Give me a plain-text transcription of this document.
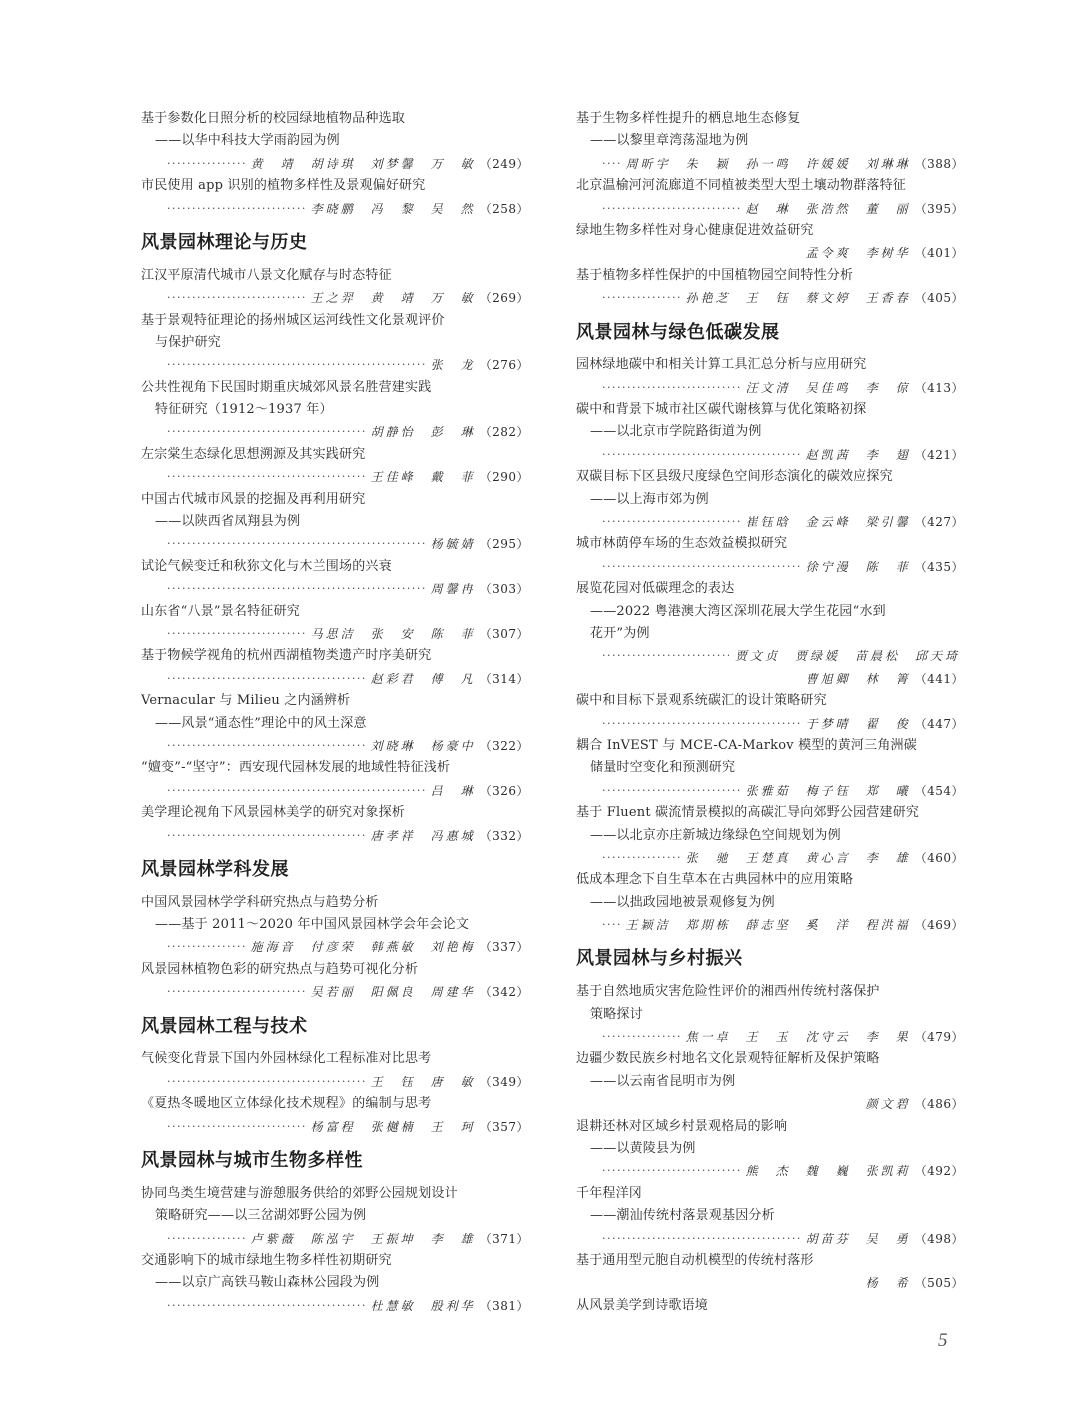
基于参数化日照分析的校园绿地植物品种选取
——以华中科技大学雨韵园为例
·····
黄　靖　胡诗琪　刘梦馨　万　敏 （249）
市民使用 app 识别的植物多样性及景观偏好研究
·····
李晓鹏　冯　黎　吴　然 （258）
风景园林理论与历史
江汉平原清代城市八景文化赋存与时态特征
·····
王之羿　黄　靖　万　敏 （269）
基于景观特征理论的扬州城区运河线性文化景观评价
与保护研究
·····
张　龙 （276）
公共性视角下民国时期重庆城郊风景名胜营建实践
特征研究（1912～1937 年）
·····
胡静怡　彭　琳 （282）
左宗棠生态绿化思想溯源及其实践研究
·····
王佳峰　戴　菲 （290）
中国古代城市风景的挖掘及再利用研究
——以陕西省凤翔县为例
·····
杨毓婧 （295）
试论气候变迁和秋狝文化与木兰围场的兴衰
·····
周馨冉 （303）
山东省“八景”景名特征研究
·····
马思洁　张　安　陈　菲 （307）
基于物候学视角的杭州西湖植物类遗产时序美研究
·····
赵彩君　傅　凡 （314）
Vernacular 与 Milieu 之内涵辨析
——风景“通态性”理论中的风土深意
·····
刘晓琳　杨豪中 （322）
“嬗变”-“坚守”：西安现代园林发展的地域性特征浅析
·····
吕　琳 （326）
美学理论视角下风景园林美学的研究对象探析
·····
唐孝祥　冯惠城 （332）
风景园林学科发展
中国风景园林学学科研究热点与趋势分析
——基于 2011～2020 年中国风景园林学会年会论文
·····
施海音　付彦荣　韩燕敏　刘艳梅 （337）
风景园林植物色彩的研究热点与趋势可视化分析
·····
吴若丽　阳佩良　周建华 （342）
风景园林工程与技术
气候变化背景下国内外园林绿化工程标准对比思考
·····
王　钰　唐　敏 （349）
《夏热冬暖地区立体绿化技术规程》的编制与思考
·····
杨富程　张樾楠　王　珂 （357）
风景园林与城市生物多样性
协同鸟类生境营建与游憩服务供给的郊野公园规划设计
策略研究——以三岔湖郊野公园为例
·····
卢紫薇　陈泓宇　王振坤　李　雄 （371）
交通影响下的城市绿地生物多样性初期研究
——以京广高铁马鞍山森林公园段为例
·····
杜慧敏　殷利华 （381）
基于生物多样性提升的栖息地生态修复
——以黎里章湾荡湿地为例
·····
周昕宇　朱　颖　孙一鸣　许媛媛　刘琳琳 （388）
北京温榆河河流廊道不同植被类型大型土壤动物群落特征
·····
赵　琳　张浩然　董　丽 （395）
绿地生物多样性对身心健康促进效益研究
孟令爽　李树华 （401）
基于植物多样性保护的中国植物园空间特性分析
·····
孙艳芝　王　钰　蔡文婷　王香春 （405）
风景园林与绿色低碳发展
园林绿地碳中和相关计算工具汇总分析与应用研究
·····
汪文清　吴佳鸣　李　倞 （413）
碳中和背景下城市社区碳代谢核算与优化策略初探
——以北京市学院路街道为例
·····
赵凯茜　李　翅 （421）
双碳目标下区县级尺度绿色空间形态演化的碳效应探究
——以上海市郊为例
·····
崔钰晗　金云峰　梁引馨 （427）
城市林荫停车场的生态效益模拟研究
·····
徐宁漫　陈　菲 （435）
展览花园对低碳理念的表达
——2022 粤港澳大湾区深圳花展大学生花园“水到
花开”为例
·····
贾文贞　贾绿媛　苗晨松　邱天琦
曹旭卿　林　箐 （441）
碳中和目标下景观系统碳汇的设计策略研究
·····
于梦晴　翟　俊 （447）
耦合 InVEST 与 MCE-CA-Markov 模型的黄河三角洲碳
储量时空变化和预测研究
·····
张雅茹　梅子钰　郑　曦 （454）
基于 Fluent 碳流情景模拟的高碳汇导向郊野公园营建研究
——以北京亦庄新城边缘绿色空间规划为例
·····
张　驰　王楚真　黄心言　李　雄 （460）
低成本理念下自生草本在古典园林中的应用策略
——以拙政园地被景观修复为例
·····
王颖洁　郑期栋　薛志坚　奚　洋　程洪福 （469）
风景园林与乡村振兴
基于自然地质灾害危险性评价的湘西州传统村落保护
策略探讨
·····
焦一卓　王　玉　沈守云　李　果 （479）
边疆少数民族乡村地名文化景观特征解析及保护策略
——以云南省昆明市为例
颜文碧 （486）
退耕还林对区域乡村景观格局的影响
——以黄陵县为例
·····
熊　杰　魏　巍　张凯莉 （492）
千年程洋冈
——潮汕传统村落景观基因分析
·····
胡苗芬　吴　勇 （498）
基于通用型元胞自动机模型的传统村落形
杨　希 （505）
从风景美学到诗歌语境
5
